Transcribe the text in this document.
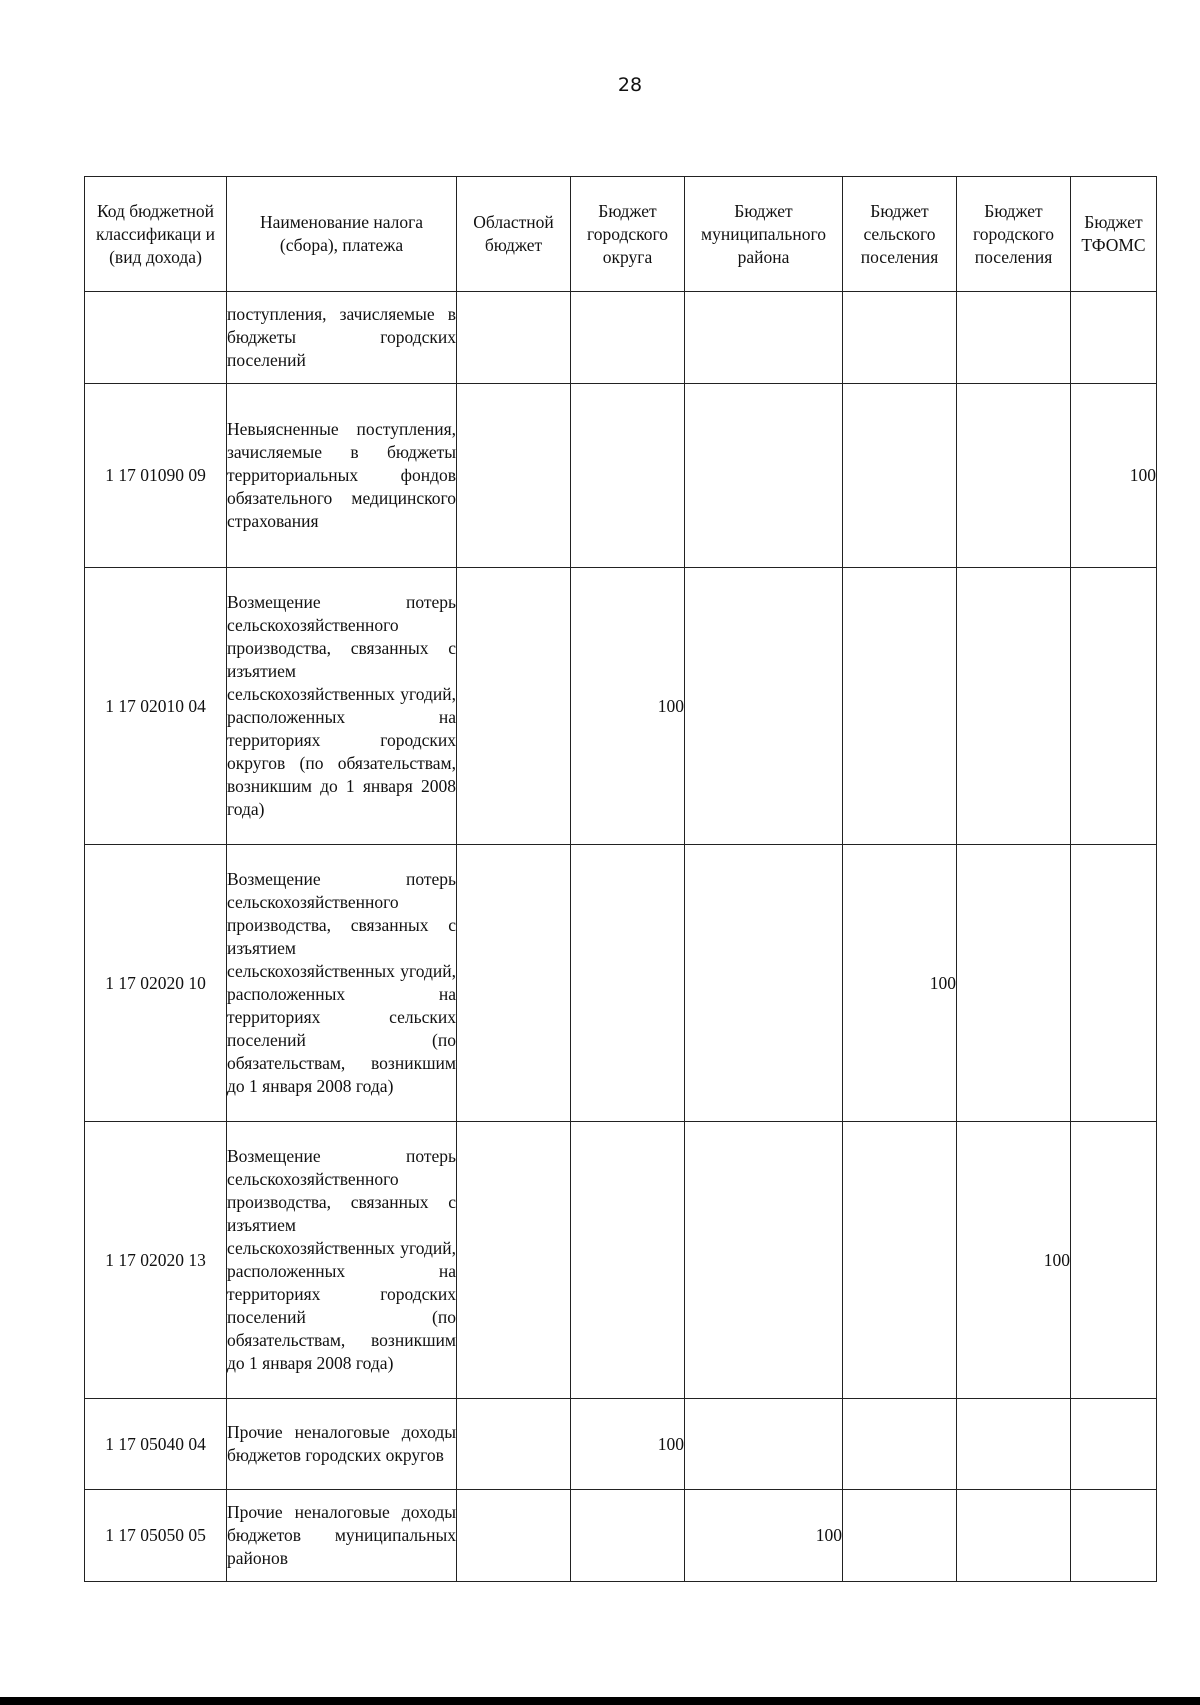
28
Код бюджетной классификаци и (вид дохода)	Наименование налога (сбора), платежа	Областной бюджет	Бюджет городского округа	Бюджет муниципального района	Бюджет сельского поселения	Бюджет городского поселения	Бюджет ТФОМС
	поступления, зачисляемые в бюджеты городских поселений						
1 17 01090 09	Невыясненные поступления, зачисляемые в бюджеты территориальных фондов обязательного медицинского страхования						100
1 17 02010 04	Возмещение потерь сельскохозяйственного производства, связанных с изъятием сельскохозяйственных угодий, расположенных на территориях городских округов (по обязательствам, возникшим до 1 января 2008 года)		100				
1 17 02020 10	Возмещение потерь сельскохозяйственного производства, связанных с изъятием сельскохозяйственных угодий, расположенных на территориях сельских поселений (по обязательствам, возникшим до 1 января 2008 года)				100		
1 17 02020 13	Возмещение потерь сельскохозяйственного производства, связанных с изъятием сельскохозяйственных угодий, расположенных на территориях городских поселений (по обязательствам, возникшим до 1 января 2008 года)					100	
1 17 05040 04	Прочие неналоговые доходы бюджетов городских округов		100				
1 17 05050 05	Прочие неналоговые доходы бюджетов муниципальных районов			100			
